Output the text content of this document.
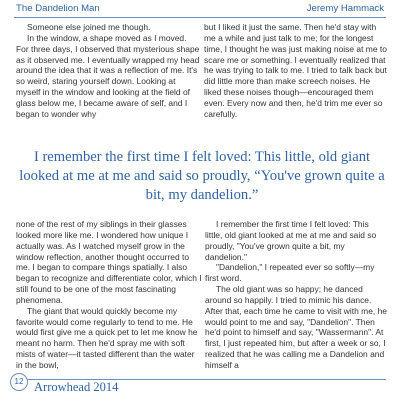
The Dandelion Man	Jeremy Hammack

Someone else joined me though.

In the window, a shape moved as I moved. For three days, I observed that mysterious shape as it observed me. I eventually wrapped my head around the idea that it was a reflection of me. It's so weird, staring yourself down. Looking at myself in the window and looking at the field of glass below me, I became aware of self, and I began to wonder why

but I liked it just the same. Then he'd stay with me a while and just talk to me; for the longest time, I thought he was just making noise at me to scare me or something. I eventually realized that he was trying to talk to me. I tried to talk back but did little more than make screech noises. He liked these noises though—encouraged them even. Every now and then, he'd trim me ever so carefully.

I remember the first time I felt loved: This little, old giant looked at me at me and said so proudly, “You've grown quite a bit, my dandelion.”

none of the rest of my siblings in their glasses looked more like me. I wondered how unique I actually was. As I watched myself grow in the window reflection, another thought occurred to me. I began to compare things spatially. I also began to recognize and differentiate color, which I still found to be one of the most fascinating phenomena.

The giant that would quickly become my favorite would come regularly to tend to me. He would first give me a quick pet to let me know he meant no harm. Then he'd spray me with soft mists of water—it tasted different than the water in the bowl,

I remember the first time I felt loved: This little, old giant looked at me at me and said so proudly, "You've grown quite a bit, my dandelion."

"Dandelion," I repeated ever so softly—my first word.

The old giant was so happy; he danced around so happily. I tried to mimic his dance. After that, each time he came to visit with me, he would point to me and say, "Dandelion". Then he'd point to himself and say, "Wassermann". At first, I just repeated him, but after a week or so, I realized that he was calling me a Dandelion and himself a

12 Arrowhead 2014
